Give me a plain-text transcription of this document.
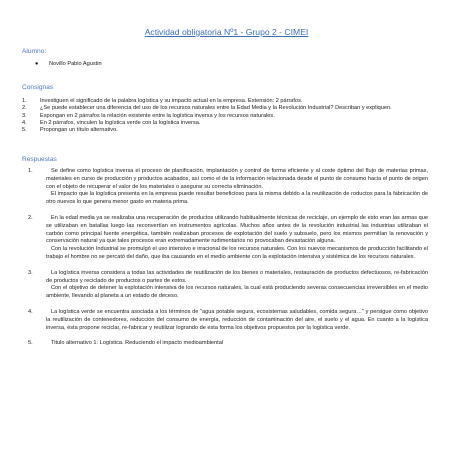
Actividad obligatoria Nº1 - Grupo 2 - CIMEI
Alumno:
● Novillo Pablo Agustin
Consignas
1.	Investiguen el significado de la palabra logística y su impacto actual en la empresa. Extensión: 2 párrafos.
2.	¿Se puede establecer una diferencia del uso de los recursos naturales entre la Edad Media y la Revolución Industrial? Describan y expliquen.
3.	Expongan en 2 párrafos la relación existente entre la logística inversa y los recursos naturales.
4.	En 2 párrafos, vinculen la logística verde con la logística inversa.
5.	Propongan un título alternativo.
Respuestas
1.	Se define como logística inversa el proceso de planificación, implantación y control de forma eficiente y al coste óptimo del flujo de materias primas, materiales en curso de producción y productos acabados, así como el de la información relacionada desde el punto de consumo hacia el punto de origen con el objeto de recuperar el valor de los materiales o asegurar su correcta eliminación.

El impacto que la logística presenta en la empresa puede resultar beneficioso para la misma debido a la reutilización de roductos para la fabricación de otro nuevos lo que genera menor gasto en materia prima.

2.	En la edad media ya se realizaba una recuperación de productos utilizando habitualmente técnicas de reciclaje, un ejemplo de esto eran las armas que se utilizaban en batallas luego las reconvertían en instrumentos agrícolas. Muchos años antes de la revolución industrial las industrias utilizaban el carbón como principal fuente energética, también realizaban procesos de explotación del suelo y subsuelo, pero los mismos permitían la renovación y conservación natural ya que tales procesos eran extremadamente rudimentarios no provocaban devastación alguna.

Con la revolución Industrial se promulgó el uso intensivo e irracional de los recursos naturales. Con los nuevos mecanismos de producción facilitando el trabajo el hombre no se percató del daño, que iba causando en el medio ambiente con la explotación intensiva y sistémica de los recursos naturales.

3.	La logística inversa considera a todas las actividades de reutilización de los bienes o materiales, restauración de productos defectuosos, re-fabricación de productos y reciclado de productos o partes de estos.

Con el objetivo de detener la explotación intensiva de los recursos naturales, la cual está produciendo severas consecuencias irreversibles en el medio ambiente, llevando al planeta a un estado de deceso.

4.	La logística verde se encuentra asociada a los términos de "agua potable segura, ecosistemas saludables, comida segura…" y persigue como objetivo la reutilización de contenedores, reducción del consumo de energía, reducción de contaminación del aire, el suelo y el agua. En cuanto a la logística inversa, ésta propone reciclar, re-fabricar y reutilizar logrando de esta forma los objetivos propuestos por la logística verde.

5.	Titulo alternativo 1: Logística. Reduciendo el impacto medioambiental
